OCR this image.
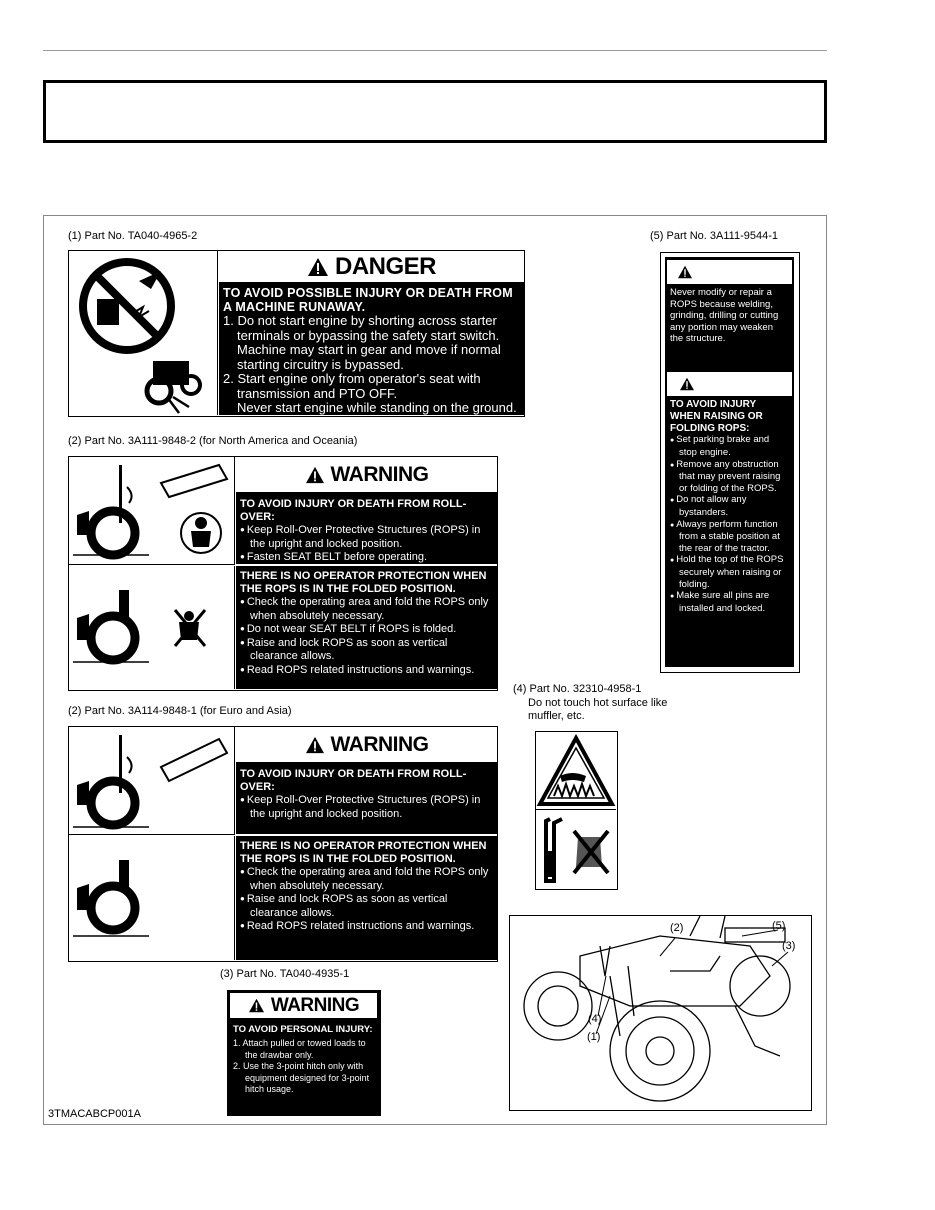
(1) Part No. TA040-4965-2
DANGER
TO AVOID POSSIBLE INJURY OR DEATH FROM A MACHINE RUNAWAY.
1. Do not start engine by shorting across starter terminals or bypassing the safety start switch. Machine may start in gear and move if normal starting circuitry is bypassed.
2. Start engine only from operator's seat with transmission and PTO OFF.
Never start engine while standing on the ground.
(2) Part No. 3A111-9848-2 (for North America and Oceania)
WARNING
TO AVOID INJURY OR DEATH FROM ROLL-OVER:
● Keep Roll-Over Protective Structures (ROPS) in the upright and locked position.
● Fasten SEAT BELT before operating.
THERE IS NO OPERATOR PROTECTION WHEN THE ROPS IS IN THE FOLDED POSITION.
● Check the operating area and fold the ROPS only when absolutely necessary.
● Do not wear SEAT BELT if ROPS is folded.
● Raise and lock ROPS as soon as vertical clearance allows.
● Read ROPS related instructions and warnings.
(2) Part No. 3A114-9848-1 (for Euro and Asia)
WARNING
TO AVOID INJURY OR DEATH FROM ROLL-OVER:
● Keep Roll-Over Protective Structures (ROPS) in the upright and locked position.
THERE IS NO OPERATOR PROTECTION WHEN THE ROPS IS IN THE FOLDED POSITION.
● Check the operating area and fold the ROPS only when absolutely necessary.
● Raise and lock ROPS as soon as vertical clearance allows.
● Read ROPS related instructions and warnings.
(3) Part No. TA040-4935-1
WARNING
TO AVOID PERSONAL INJURY:
1. Attach pulled or towed loads to the drawbar only.
2. Use the 3-point hitch only with equipment designed for 3-point hitch usage.
(4) Part No. 32310-4958-1
Do not touch hot surface like muffler, etc.
(5) Part No. 3A111-9544-1
WARNING
Never modify or repair a ROPS because welding, grinding, drilling or cutting any portion may weaken the structure.
CAUTION
TO AVOID INJURY WHEN RAISING OR FOLDING ROPS:
● Set parking brake and stop engine.
● Remove any obstruction that may prevent raising or folding of the ROPS.
● Do not allow any bystanders.
● Always perform function from a stable position at the rear of the tractor.
● Hold the top of the ROPS securely when raising or folding.
● Make sure all pins are installed and locked.
(2)	(5)
(3)
(4)
(1)
3TMACABCP001A
